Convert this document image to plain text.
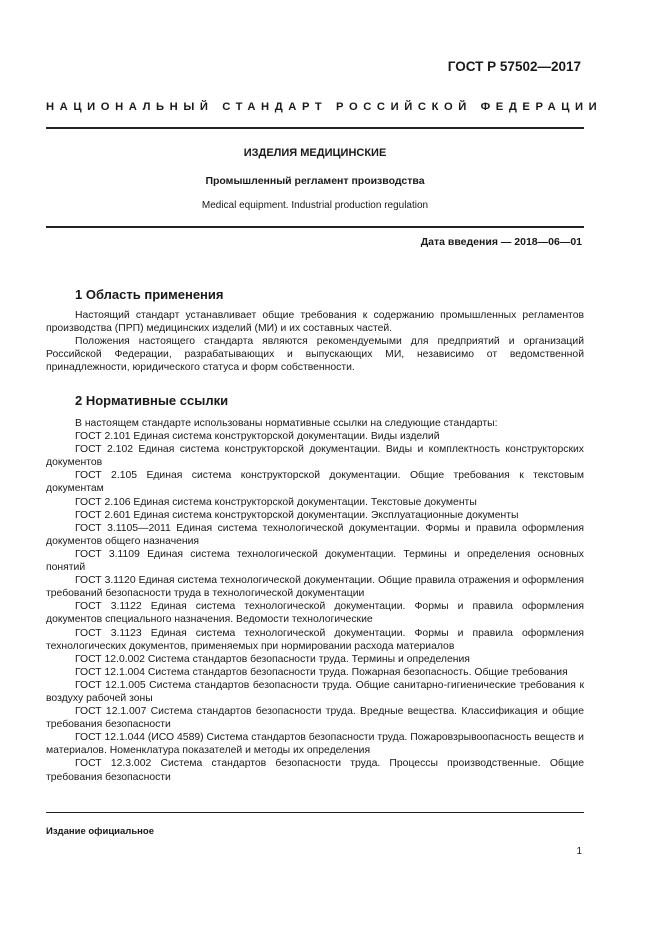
ГОСТ Р 57502—2017
НАЦИОНАЛЬНЫЙ СТАНДАРТ РОССИЙСКОЙ ФЕДЕРАЦИИ
ИЗДЕЛИЯ МЕДИЦИНСКИЕ
Промышленный регламент производства
Medical equipment. Industrial production regulation
Дата введения — 2018—06—01
1 Область применения

Настоящий стандарт устанавливает общие требования к содержанию промышленных регламентов производства (ПРП) медицинских изделий (МИ) и их составных частей.

Положения настоящего стандарта являются рекомендуемыми для предприятий и организаций Российской Федерации, разрабатывающих и выпускающих МИ, независимо от ведомственной принадлежности, юридического статуса и форм собственности.

2 Нормативные ссылки

В настоящем стандарте использованы нормативные ссылки на следующие стандарты:

ГОСТ 2.101 Единая система конструкторской документации. Виды изделий

ГОСТ 2.102 Единая система конструкторской документации. Виды и комплектность конструкторских документов

ГОСТ 2.105 Единая система конструкторской документации. Общие требования к текстовым документам

ГОСТ 2.106 Единая система конструкторской документации. Текстовые документы

ГОСТ 2.601 Единая система конструкторской документации. Эксплуатационные документы

ГОСТ 3.1105—2011 Единая система технологической документации. Формы и правила оформления документов общего назначения

ГОСТ 3.1109 Единая система технологической документации. Термины и определения основных понятий

ГОСТ 3.1120 Единая система технологической документации. Общие правила отражения и оформления требований безопасности труда в технологической документации

ГОСТ 3.1122 Единая система технологической документации. Формы и правила оформления документов специального назначения. Ведомости технологические

ГОСТ 3.1123 Единая система технологической документации. Формы и правила оформления технологических документов, применяемых при нормировании расхода материалов

ГОСТ 12.0.002 Система стандартов безопасности труда. Термины и определения

ГОСТ 12.1.004 Система стандартов безопасности труда. Пожарная безопасность. Общие требования

ГОСТ 12.1.005 Система стандартов безопасности труда. Общие санитарно-гигиенические требования к воздуху рабочей зоны

ГОСТ 12.1.007 Система стандартов безопасности труда. Вредные вещества. Классификация и общие требования безопасности

ГОСТ 12.1.044 (ИСО 4589) Система стандартов безопасности труда. Пожаровзрывоопасность веществ и материалов. Номенклатура показателей и методы их определения

ГОСТ 12.3.002 Система стандартов безопасности труда. Процессы производственные. Общие требования безопасности

Издание официальное
1
